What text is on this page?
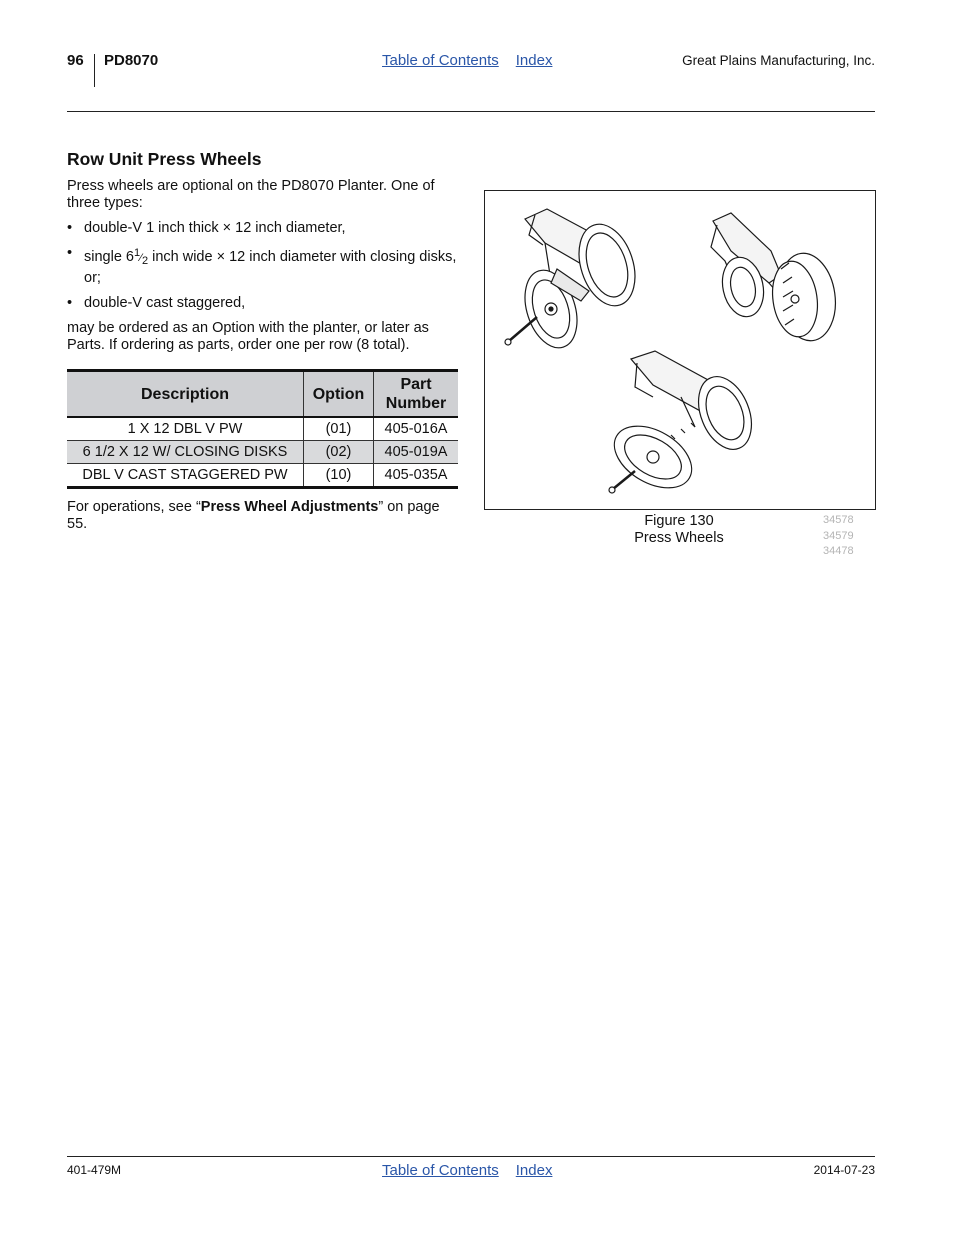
96 PD8070	Table of Contents Index	Great Plains Manufacturing, Inc.
Row Unit Press Wheels

Press wheels are optional on the PD8070 Planter. One of three types:

• double-V 1 inch thick × 12 inch diameter,
• single $6^1⁄_2$ inch wide × 12 inch diameter with closing disks, or;
• double-V cast staggered,

may be ordered as an Option with the planter, or later as Parts. If ordering as parts, order one per row (8 total).

Description	Option	Part Number
1 X 12 DBL V PW	(01)	405-016A
6 1/2 X 12 W/ CLOSING DISKS	(02)	405-019A
DBL V CAST STAGGERED PW	(10)	405-035A

For operations, see “Press Wheel Adjustments” on page 55.	Figure 130
Press Wheels
34578
34579
34478
401-479M	Table of Contents Index	2014-07-23
